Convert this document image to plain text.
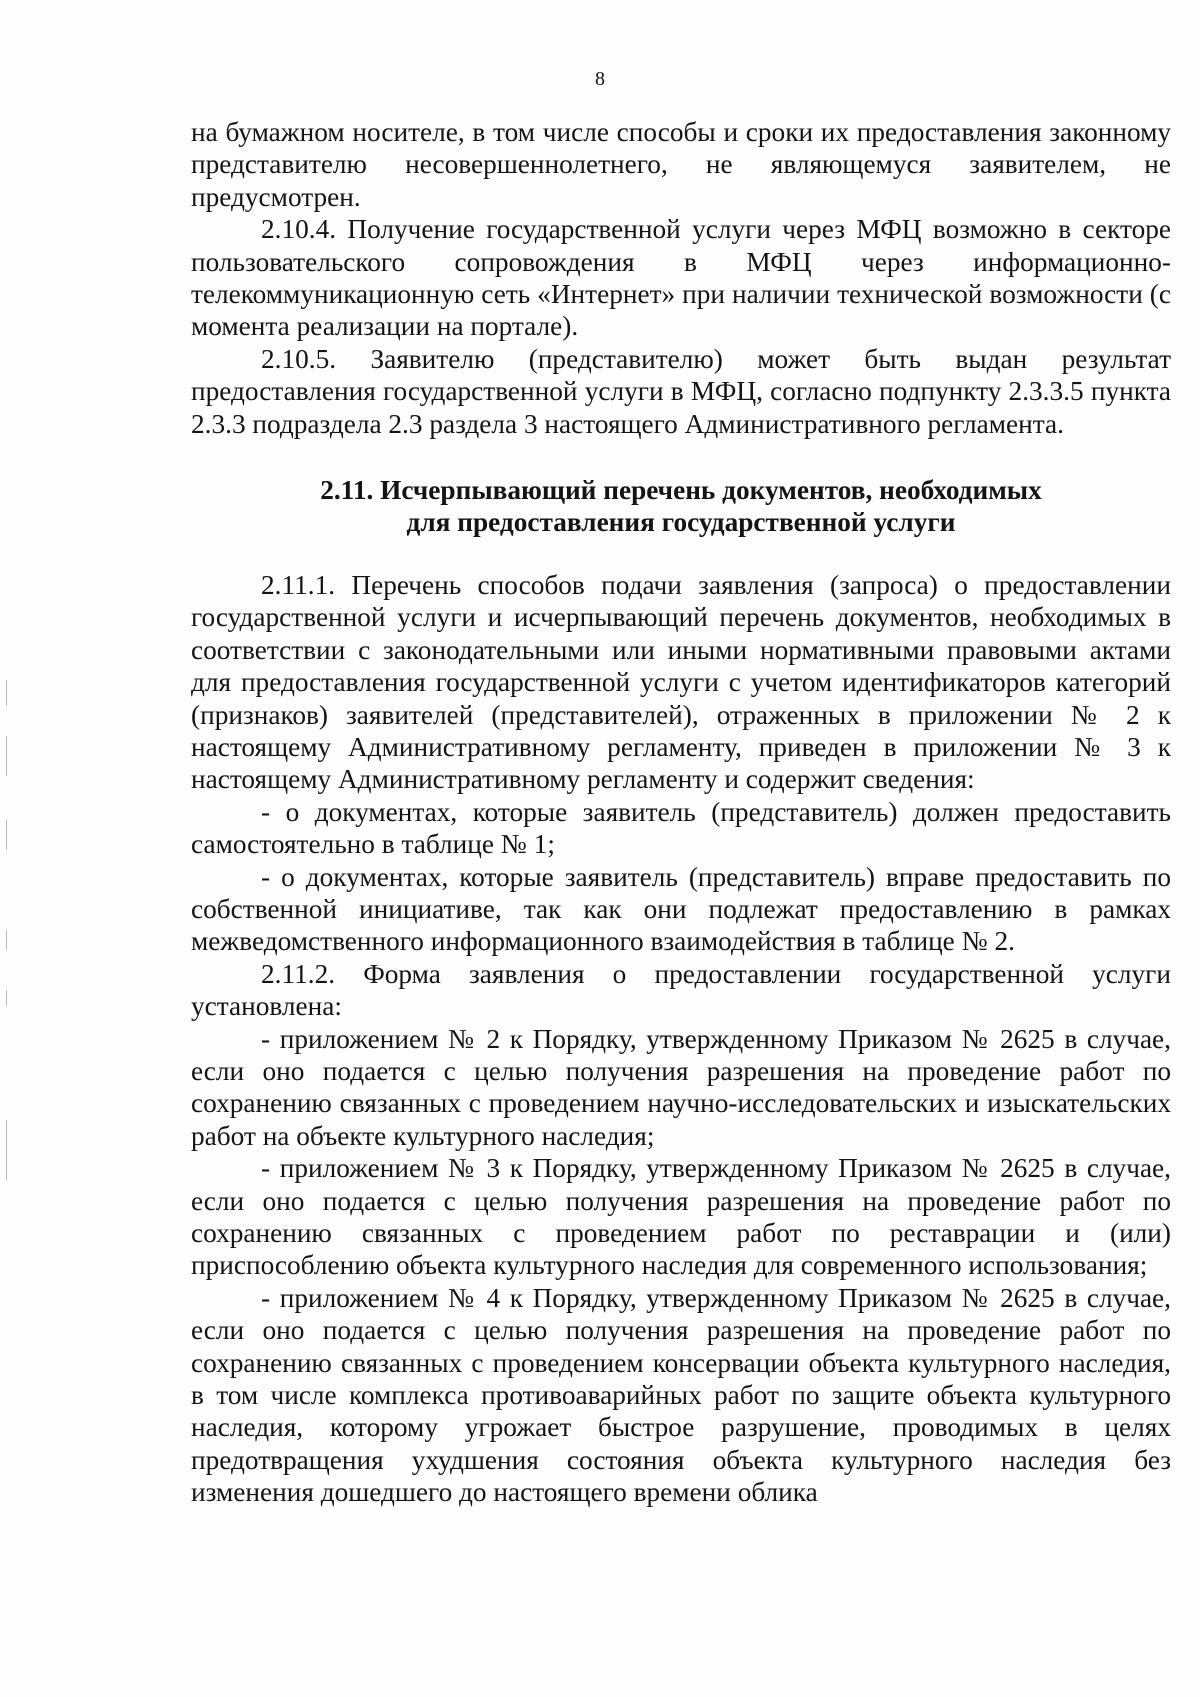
8

на бумажном носителе, в том числе способы и сроки их предоставления законному представителю несовершеннолетнего, не являющемуся заявителем, не предусмотрен.

2.10.4. Получение государственной услуги через МФЦ возможно в секторе пользовательского сопровождения в МФЦ через информационно-телекоммуникационную сеть «Интернет» при наличии технической возможности (с момента реализации на портале).

2.10.5. Заявителю (представителю) может быть выдан результат предоставления государственной услуги в МФЦ, согласно подпункту 2.3.3.5 пункта 2.3.3 подраздела 2.3 раздела 3 настоящего Административного регламента.

2.11. Исчерпывающий перечень документов, необходимых
для предоставления государственной услуги

2.11.1. Перечень способов подачи заявления (запроса) о предоставлении государственной услуги и исчерпывающий перечень документов, необходимых в соответствии с законодательными или иными нормативными правовыми актами для предоставления государственной услуги с учетом идентификаторов категорий (признаков) заявителей (представителей), отраженных в приложении № 2 к настоящему Административному регламенту, приведен в приложении № 3 к настоящему Административному регламенту и содержит сведения:

- о документах, которые заявитель (представитель) должен предоставить самостоятельно в таблице № 1;

- о документах, которые заявитель (представитель) вправе предоставить по собственной инициативе, так как они подлежат предоставлению в рамках межведомственного информационного взаимодействия в таблице № 2.

2.11.2. Форма заявления о предоставлении государственной услуги установлена:

- приложением № 2 к Порядку, утвержденному Приказом № 2625 в случае, если оно подается с целью получения разрешения на проведение работ по сохранению связанных с проведением научно-исследовательских и изыскательских работ на объекте культурного наследия;

- приложением № 3 к Порядку, утвержденному Приказом № 2625 в случае, если оно подается с целью получения разрешения на проведение работ по сохранению связанных с проведением работ по реставрации и (или) приспособлению объекта культурного наследия для современного использования;

- приложением № 4 к Порядку, утвержденному Приказом № 2625 в случае, если оно подается с целью получения разрешения на проведение работ по сохранению связанных с проведением консервации объекта культурного наследия, в том числе комплекса противоаварийных работ по защите объекта культурного наследия, которому угрожает быстрое разрушение, проводимых в целях предотвращения ухудшения состояния объекта культурного наследия без изменения дошедшего до настоящего времени облика
